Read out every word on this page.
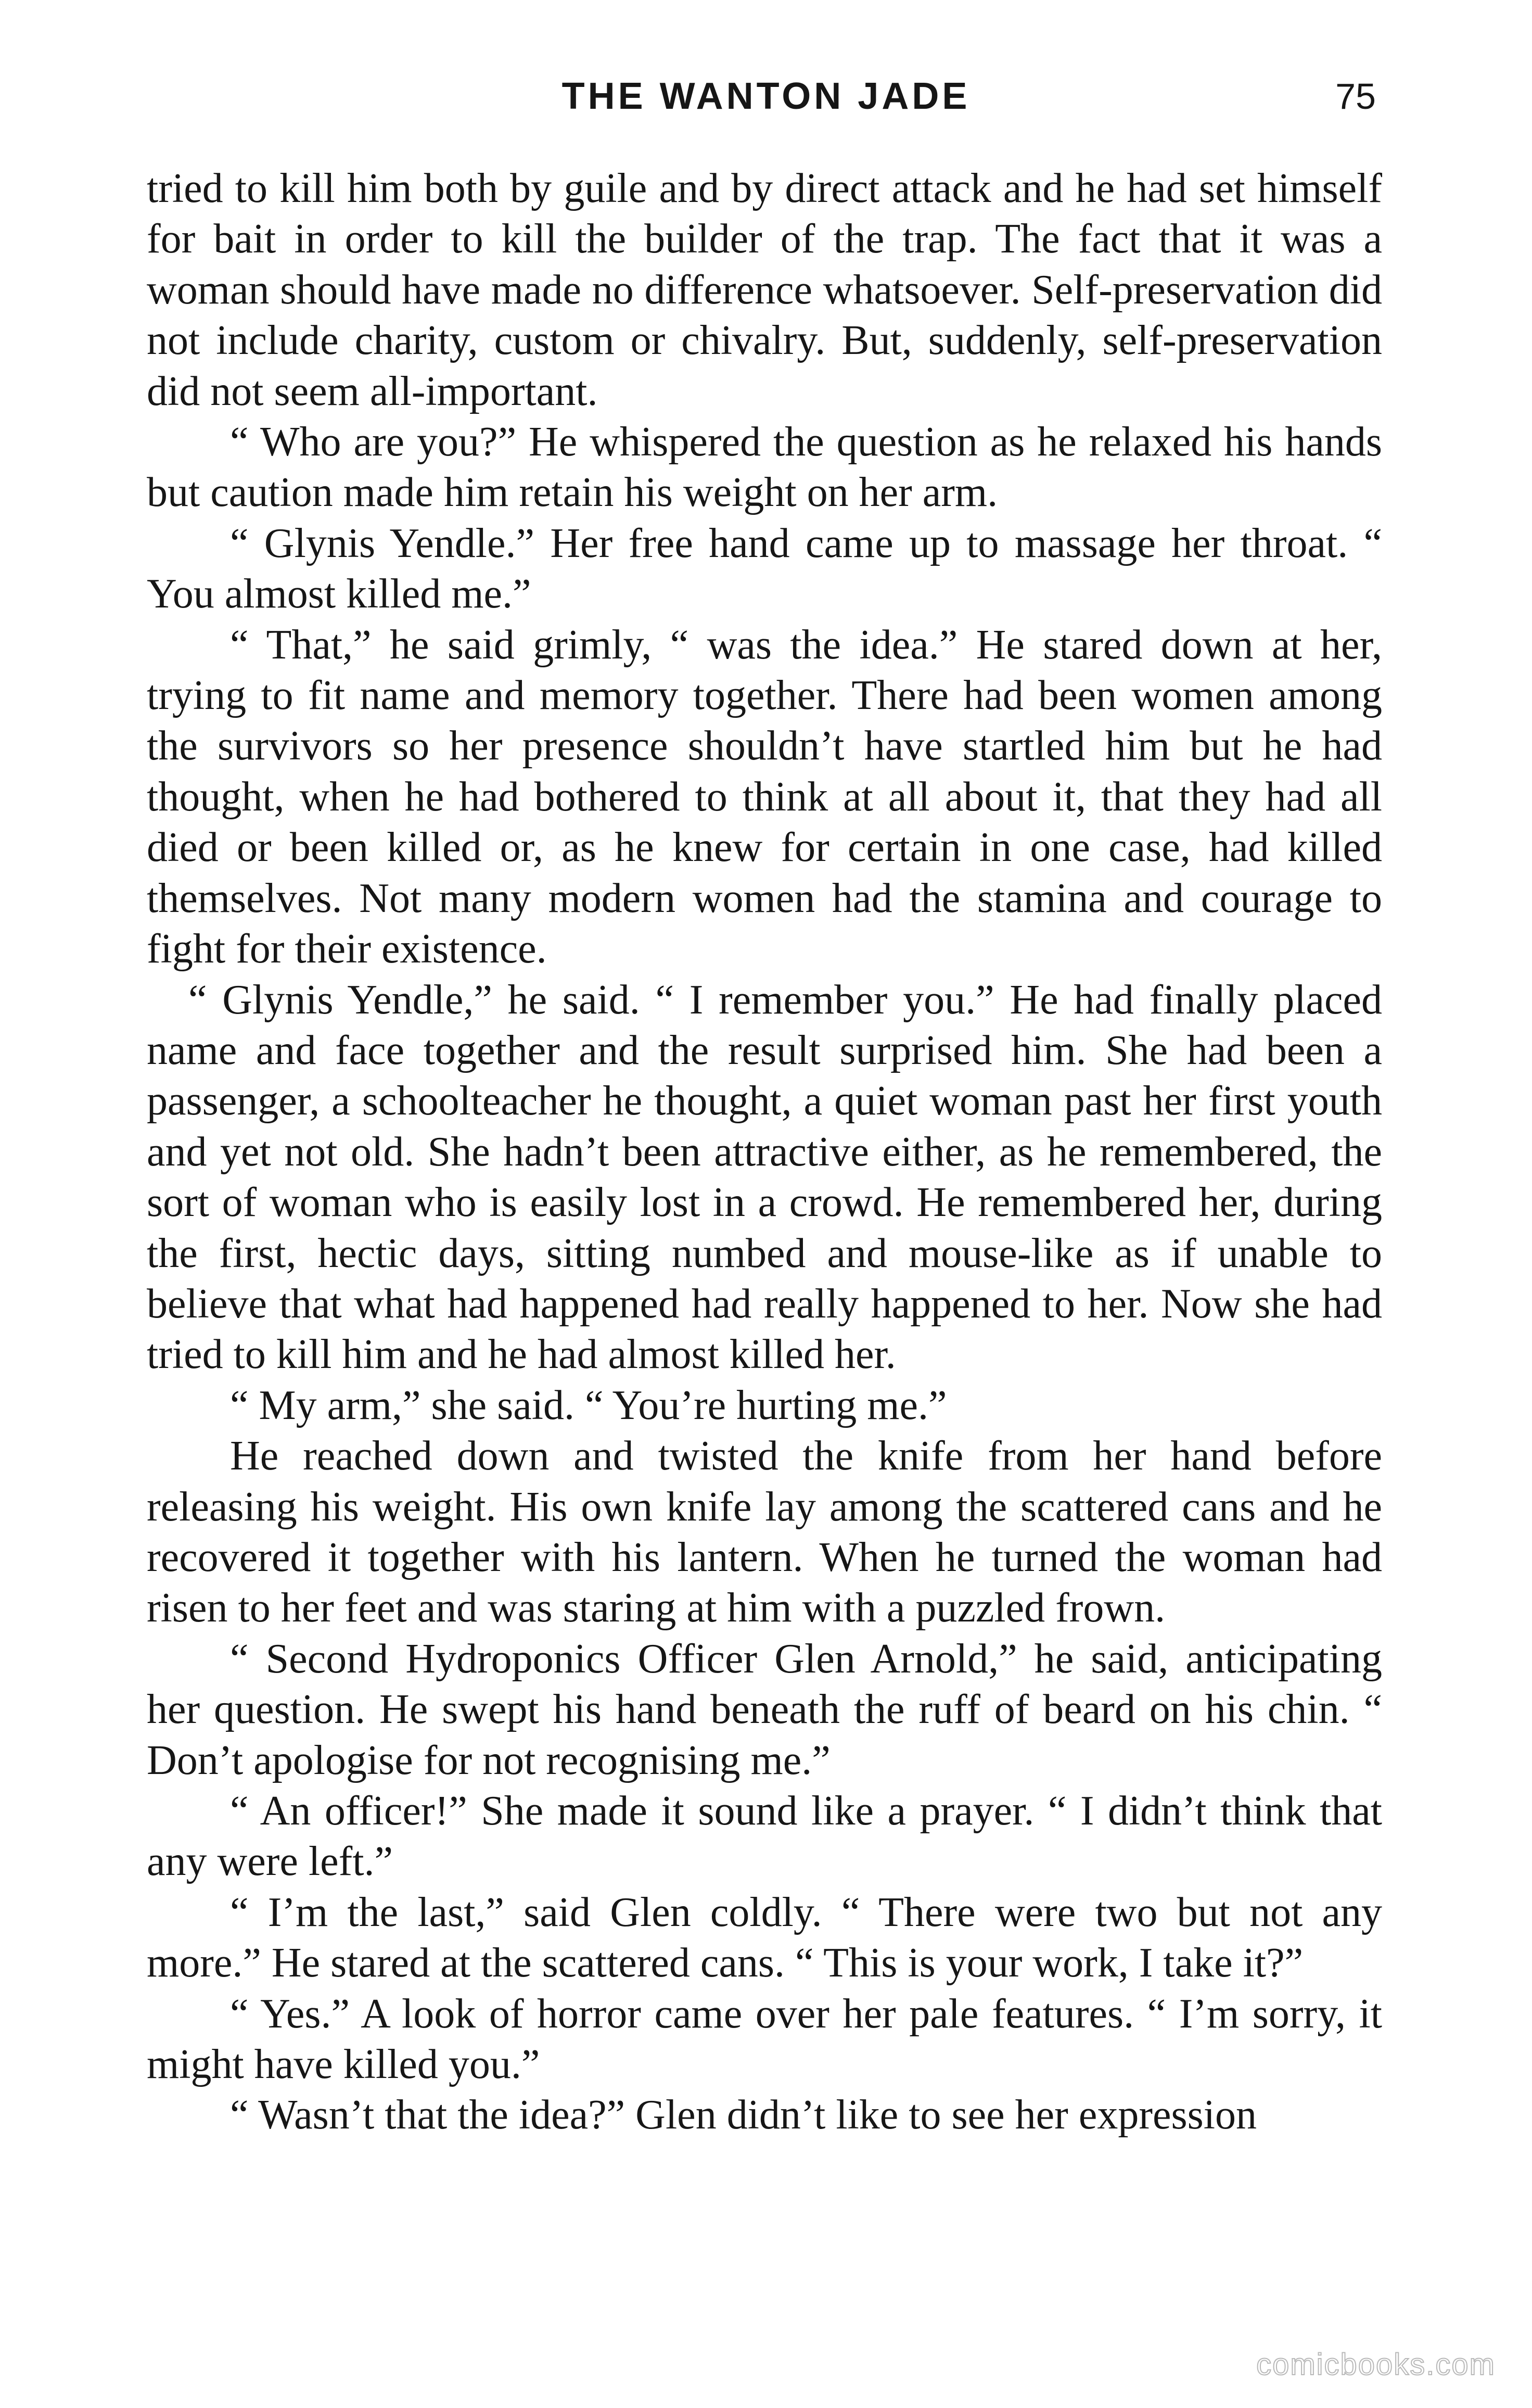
THE WANTON JADE	75

tried to kill him both by guile and by direct attack and he had set himself for bait in order to kill the builder of the trap. The fact that it was a woman should have made no difference whatsoever. Self-preservation did not include charity, custom or chivalry. But, suddenly, self-preservation did not seem all-important.

“ Who are you?” He whispered the question as he relaxed his hands but caution made him retain his weight on her arm.

“ Glynis Yendle.” Her free hand came up to massage her throat. “ You almost killed me.”

“ That,” he said grimly, “ was the idea.” He stared down at her, trying to fit name and memory together. There had been women among the survivors so her presence shouldn’t have startled him but he had thought, when he had bothered to think at all about it, that they had all died or been killed or, as he knew for certain in one case, had killed themselves. Not many modern women had the stamina and courage to fight for their existence.

“ Glynis Yendle,” he said. “ I remember you.” He had finally placed name and face together and the result surprised him. She had been a passenger, a schoolteacher he thought, a quiet woman past her first youth and yet not old. She hadn’t been attractive either, as he remembered, the sort of woman who is easily lost in a crowd. He remembered her, during the first, hectic days, sitting numbed and mouse-like as if unable to believe that what had happened had really happened to her. Now she had tried to kill him and he had almost killed her.

“ My arm,” she said. “ You’re hurting me.”

He reached down and twisted the knife from her hand before releasing his weight. His own knife lay among the scattered cans and he recovered it together with his lantern. When he turned the woman had risen to her feet and was staring at him with a puzzled frown.

“ Second Hydroponics Officer Glen Arnold,” he said, anticipating her question. He swept his hand beneath the ruff of beard on his chin. “ Don’t apologise for not recognising me.”

“ An officer!” She made it sound like a prayer. “ I didn’t think that any were left.”

“ I’m the last,” said Glen coldly. “ There were two but not any more.” He stared at the scattered cans. “ This is your work, I take it?”

“ Yes.” A look of horror came over her pale features. “ I’m sorry, it might have killed you.”

“ Wasn’t that the idea?” Glen didn’t like to see her expression

comicbooks.com
